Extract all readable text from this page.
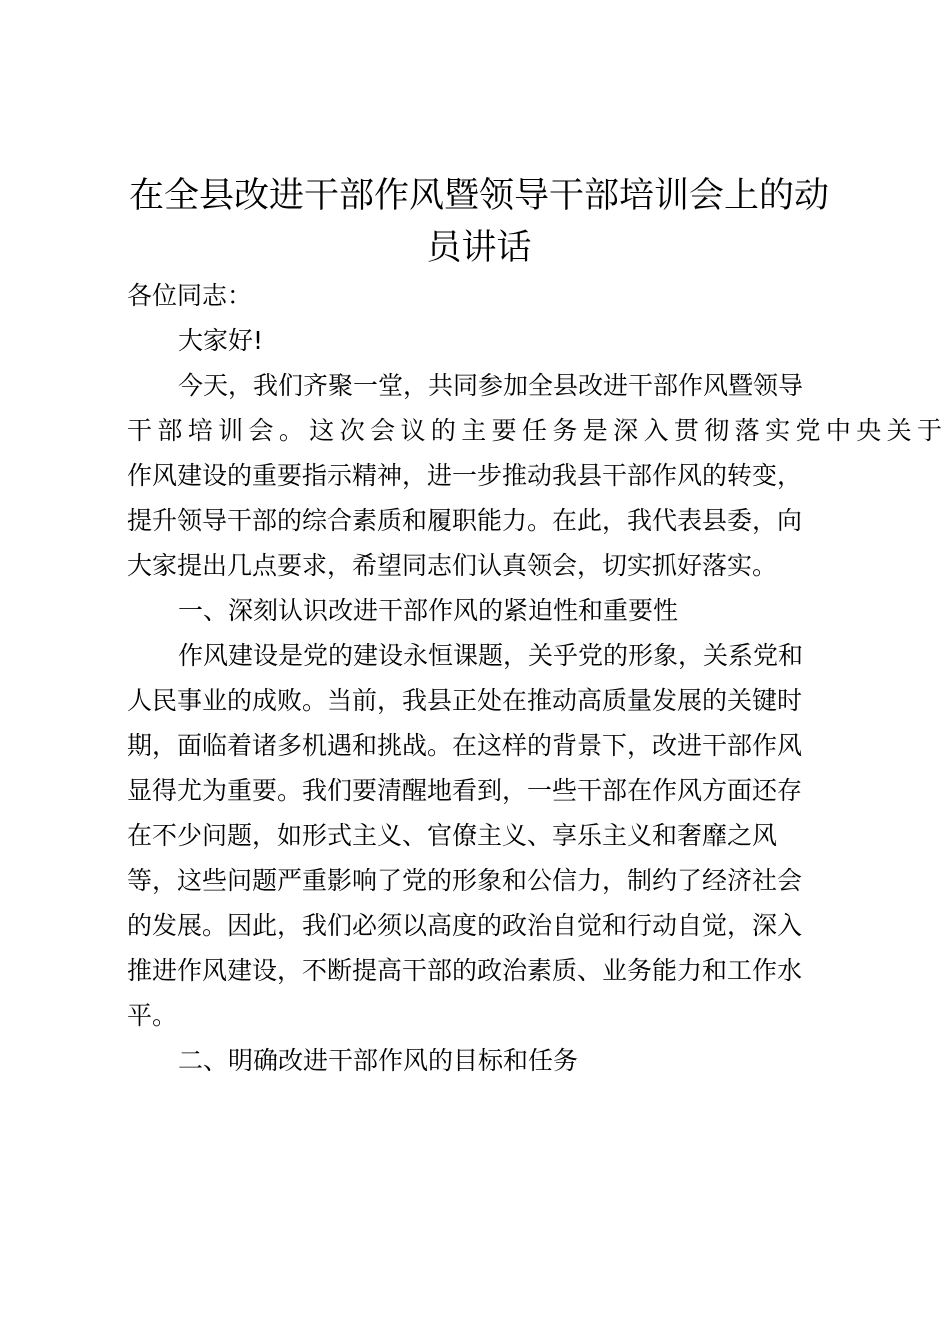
在全县改进干部作风暨领导干部培训会上的动
员讲话

各位同志：

大家好!

今天，我们齐聚一堂，共同参加全县改进干部作风暨领导

干部培训会。这次会议的主要任务是深入贯彻落实党中央关于

作风建设的重要指示精神，进一步推动我县干部作风的转变，

提升领导干部的综合素质和履职能力。在此，我代表县委，向

大家提出几点要求，希望同志们认真领会，切实抓好落实。

一、深刻认识改进干部作风的紧迫性和重要性

作风建设是党的建设永恒课题，关乎党的形象，关系党和

人民事业的成败。当前，我县正处在推动高质量发展的关键时

期，面临着诸多机遇和挑战。在这样的背景下，改进干部作风

显得尤为重要。我们要清醒地看到，一些干部在作风方面还存

在不少问题，如形式主义、官僚主义、享乐主义和奢靡之风

等，这些问题严重影响了党的形象和公信力，制约了经济社会

的发展。因此，我们必须以高度的政治自觉和行动自觉，深入

推进作风建设，不断提高干部的政治素质、业务能力和工作水

平。

二、明确改进干部作风的目标和任务
